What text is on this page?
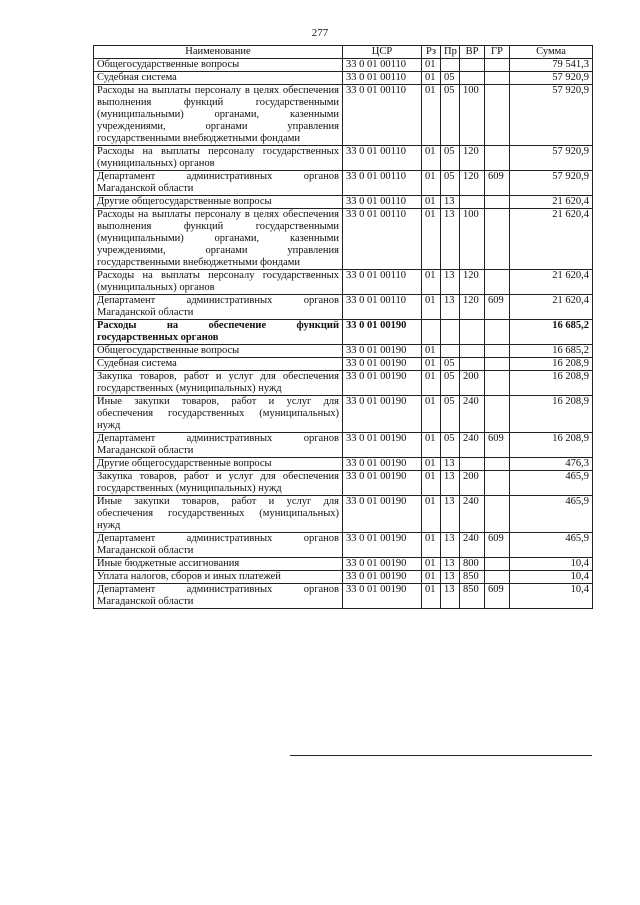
277
Наименование	ЦСР	Рз	Пр	ВР	ГР	Сумма
Общегосударственные вопросы	33 0 01 00110	01				79 541,3
Судебная система	33 0 01 00110	01	05			57 920,9
Расходы на выплаты персоналу в целях обеспечения выполнения функций государственными (муниципальными) органами, казенными учреждениями, органами управления государственными внебюджетными фондами	33 0 01 00110	01	05	100		57 920,9
Расходы на выплаты персоналу государственных (муниципальных) органов	33 0 01 00110	01	05	120		57 920,9
Департамент административных органов Магаданской области	33 0 01 00110	01	05	120	609	57 920,9
Другие общегосударственные вопросы	33 0 01 00110	01	13			21 620,4
Расходы на выплаты персоналу в целях обеспечения выполнения функций государственными (муниципальными) органами, казенными учреждениями, органами управления государственными внебюджетными фондами	33 0 01 00110	01	13	100		21 620,4
Расходы на выплаты персоналу государственных (муниципальных) органов	33 0 01 00110	01	13	120		21 620,4
Департамент административных органов Магаданской области	33 0 01 00110	01	13	120	609	21 620,4
Расходы на обеспечение функций государственных органов	33 0 01 00190					16 685,2
Общегосударственные вопросы	33 0 01 00190	01				16 685,2
Судебная система	33 0 01 00190	01	05			16 208,9
Закупка товаров, работ и услуг для обеспечения государственных (муниципальных) нужд	33 0 01 00190	01	05	200		16 208,9
Иные закупки товаров, работ и услуг для обеспечения государственных (муниципальных) нужд	33 0 01 00190	01	05	240		16 208,9
Департамент административных органов Магаданской области	33 0 01 00190	01	05	240	609	16 208,9
Другие общегосударственные вопросы	33 0 01 00190	01	13			476,3
Закупка товаров, работ и услуг для обеспечения государственных (муниципальных) нужд	33 0 01 00190	01	13	200		465,9
Иные закупки товаров, работ и услуг для обеспечения государственных (муниципальных) нужд	33 0 01 00190	01	13	240		465,9
Департамент административных органов Магаданской области	33 0 01 00190	01	13	240	609	465,9
Иные бюджетные ассигнования	33 0 01 00190	01	13	800		10,4
Уплата налогов, сборов и иных платежей	33 0 01 00190	01	13	850		10,4
Департамент административных органов Магаданской области	33 0 01 00190	01	13	850	609	10,4
